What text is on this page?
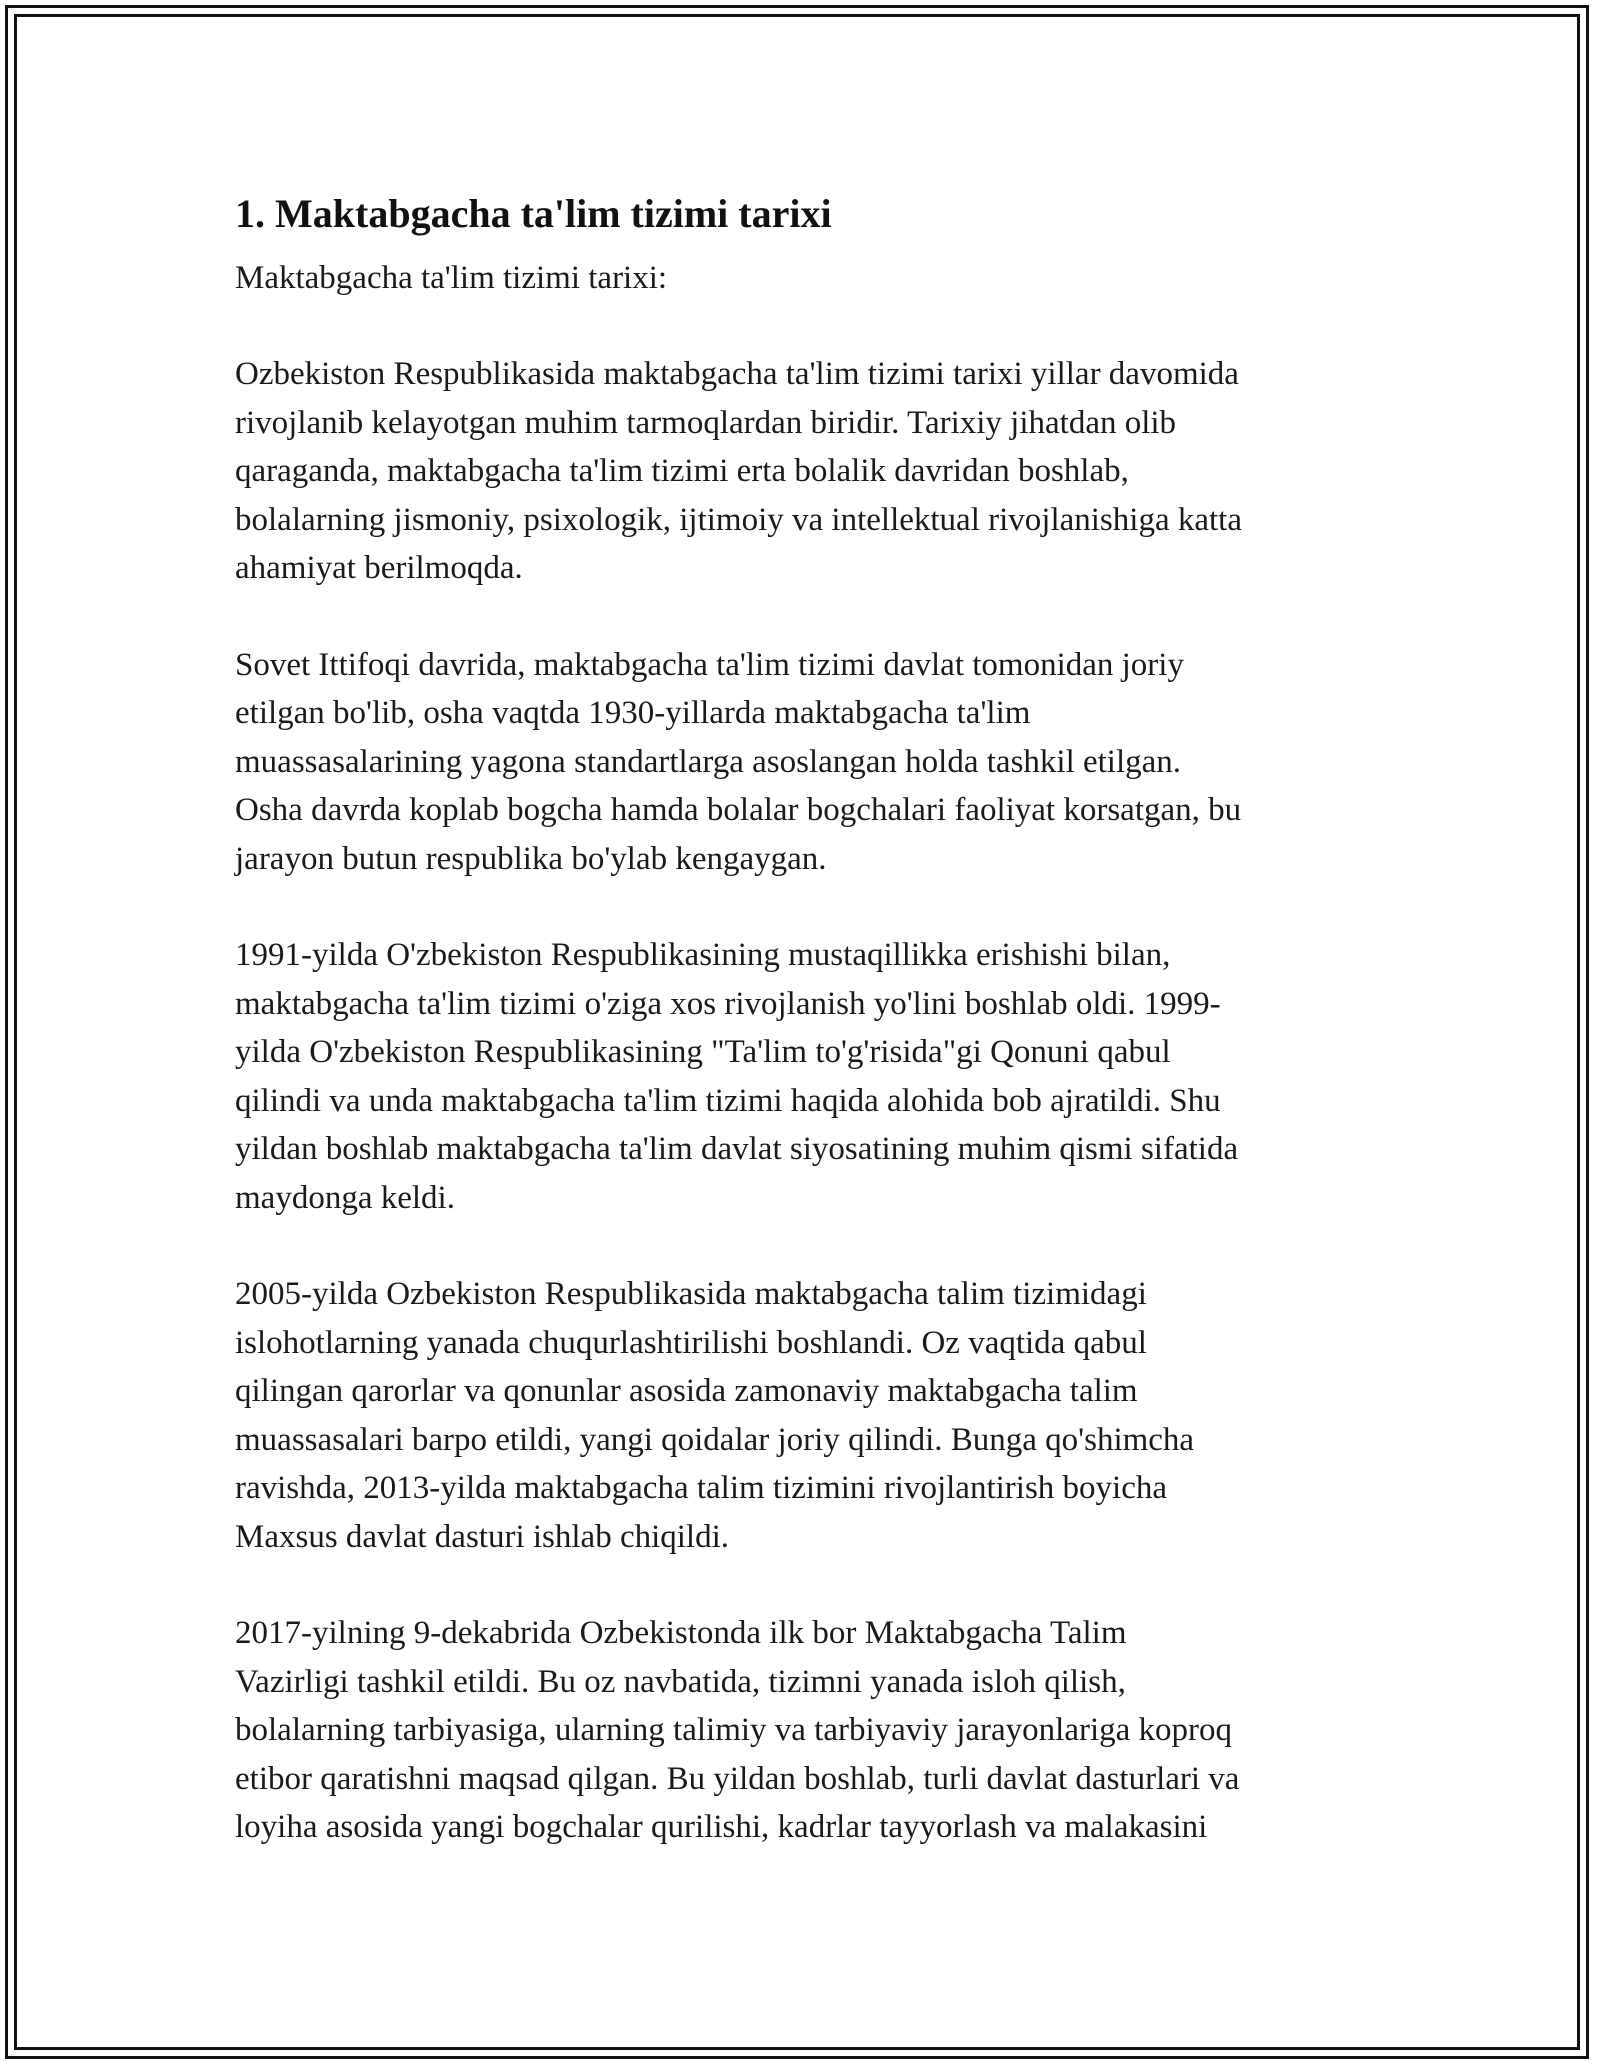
1. Maktabgacha ta'lim tizimi tarixi

Maktabgacha ta'lim tizimi tarixi:

Ozbekiston Respublikasida maktabgacha ta'lim tizimi tarixi yillar davomida
rivojlanib kelayotgan muhim tarmoqlardan biridir. Tarixiy jihatdan olib
qaraganda, maktabgacha ta'lim tizimi erta bolalik davridan boshlab,
bolalarning jismoniy, psixologik, ijtimoiy va intellektual rivojlanishiga katta
ahamiyat berilmoqda.

Sovet Ittifoqi davrida, maktabgacha ta'lim tizimi davlat tomonidan joriy
etilgan bo'lib, osha vaqtda 1930-yillarda maktabgacha ta'lim
muassasalarining yagona standartlarga asoslangan holda tashkil etilgan.
Osha davrda koplab bogcha hamda bolalar bogchalari faoliyat korsatgan, bu
jarayon butun respublika bo'ylab kengaygan.

1991-yilda O'zbekiston Respublikasining mustaqillikka erishishi bilan,
maktabgacha ta'lim tizimi o'ziga xos rivojlanish yo'lini boshlab oldi. 1999-
yilda O'zbekiston Respublikasining "Ta'lim to'g'risida"gi Qonuni qabul
qilindi va unda maktabgacha ta'lim tizimi haqida alohida bob ajratildi. Shu
yildan boshlab maktabgacha ta'lim davlat siyosatining muhim qismi sifatida
maydonga keldi.

2005-yilda Ozbekiston Respublikasida maktabgacha talim tizimidagi
islohotlarning yanada chuqurlashtirilishi boshlandi. Oz vaqtida qabul
qilingan qarorlar va qonunlar asosida zamonaviy maktabgacha talim
muassasalari barpo etildi, yangi qoidalar joriy qilindi. Bunga qo'shimcha
ravishda, 2013-yilda maktabgacha talim tizimini rivojlantirish boyicha
Maxsus davlat dasturi ishlab chiqildi.

2017-yilning 9-dekabrida Ozbekistonda ilk bor Maktabgacha Talim
Vazirligi tashkil etildi. Bu oz navbatida, tizimni yanada isloh qilish,
bolalarning tarbiyasiga, ularning talimiy va tarbiyaviy jarayonlariga koproq
etibor qaratishni maqsad qilgan. Bu yildan boshlab, turli davlat dasturlari va
loyiha asosida yangi bogchalar qurilishi, kadrlar tayyorlash va malakasini
